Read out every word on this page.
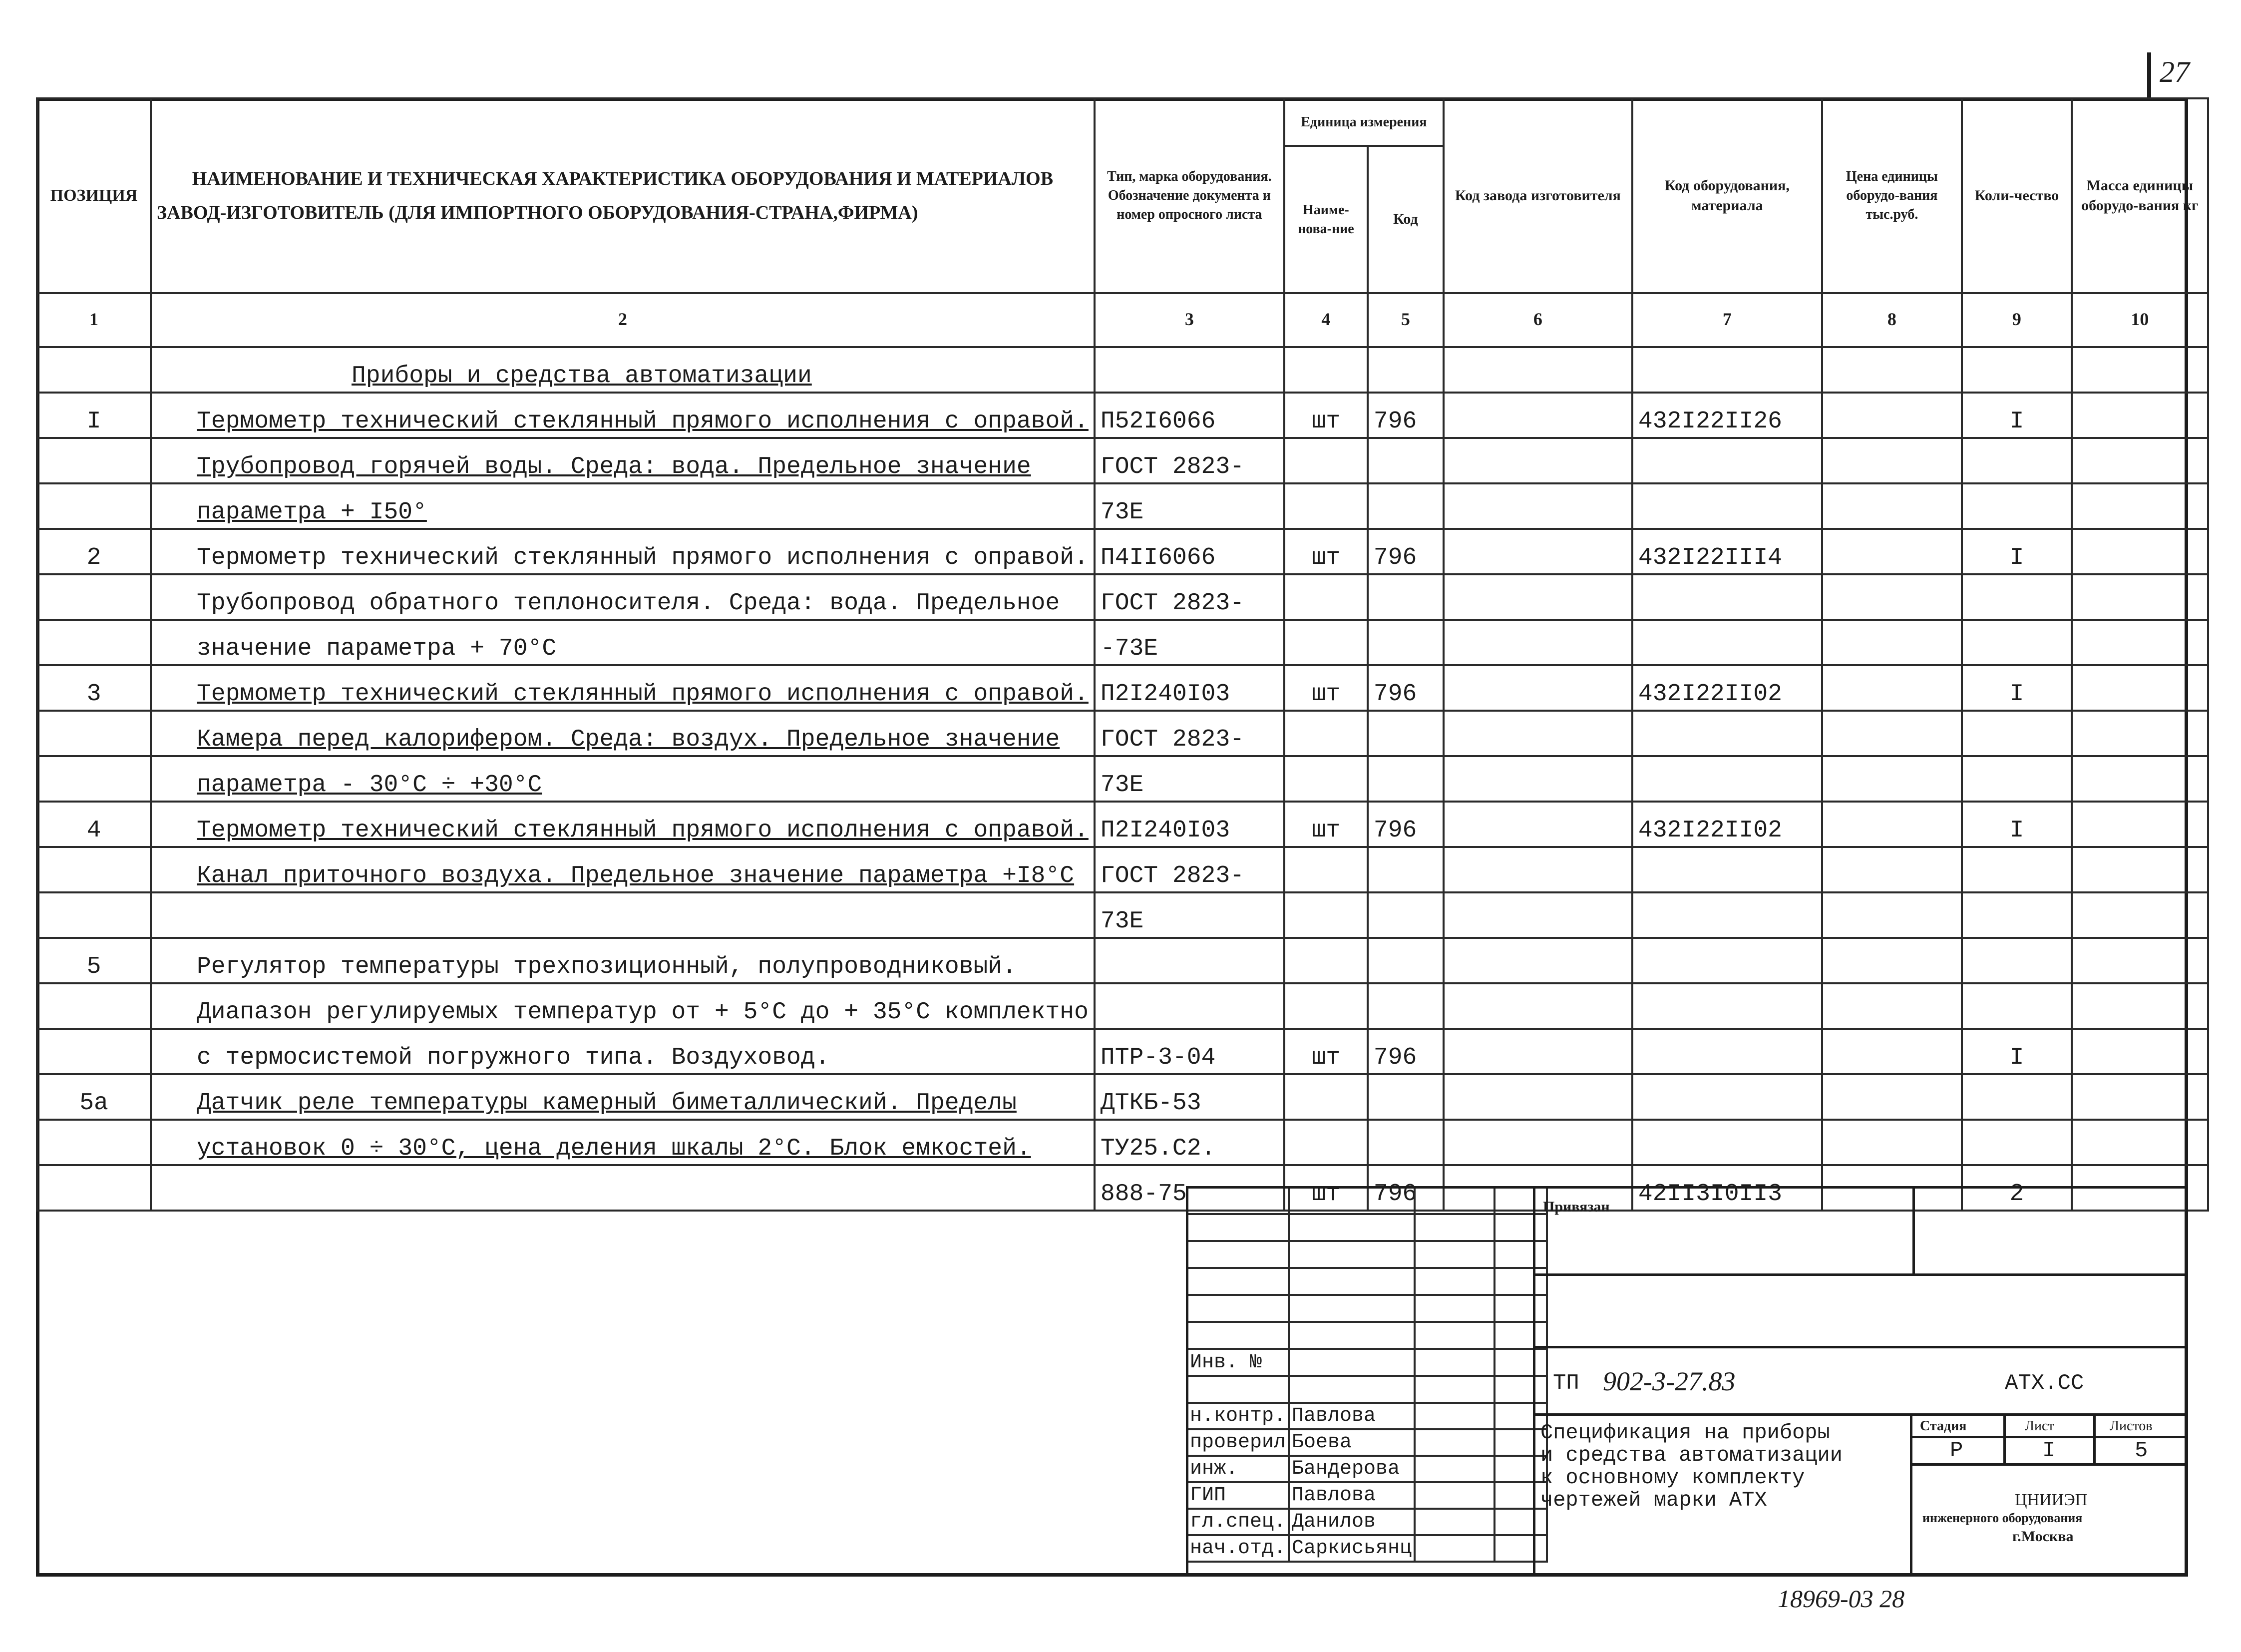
27
ПОЗИЦИЯ	НАИМЕНОВАНИЕ И ТЕХНИЧЕСКАЯ ХАРАКТЕРИСТИКА ОБОРУДОВАНИЯ И МАТЕРИАЛОВ
ЗАВОД-ИЗГОТОВИТЕЛЬ (ДЛЯ ИМПОРТНОГО ОБОРУДОВАНИЯ-СТРАНА,ФИРМА)	Тип, марка оборудования. Обозначение документа и номер опросного листа	Единица измерения		Код завода изготовителя	Код оборудования, материала	Цена единицы оборудо-вания тыс.руб.	Коли-чество	Масса единицы оборудо-вания кг
			Наиме-нова-ние	Код					
1	2	3	4	5	6	7	8	9	10
	Приборы и средства автоматизации								
I	Термометр технический стеклянный прямого исполнения с оправой.	П52I6066	шт	796		432I22II26		I	
	Трубопровод горячей воды. Среда: вода. Предельное значение	ГОСТ 2823-							
	параметра + I50°	73Е							
2	Термометр технический стеклянный прямого исполнения с оправой.	П4II6066	шт	796		432I22III4		I	
	Трубопровод обратного теплоносителя. Среда: вода. Предельное	ГОСТ 2823-							
	значение параметра + 70°С	-73Е							
3	Термометр технический стеклянный прямого исполнения с оправой.	П2I240I03	шт	796		432I22II02		I	
	Камера перед калорифером. Среда: воздух. Предельное значение	ГОСТ 2823-							
	параметра - 30°С ÷ +30°С	73Е							
4	Термометр технический стеклянный прямого исполнения с оправой.	П2I240I03	шт	796		432I22II02		I	
	Канал приточного воздуха. Предельное значение параметра +I8°С	ГОСТ 2823-							
		73Е							
5	Регулятор температуры трехпозиционный, полупроводниковый.								
	Диапазон регулируемых температур от + 5°С до + 35°С комплектно								
	с термосистемой погружного типа. Воздуховод.	ПТР-3-04	шт	796				I	
5а	Датчик реле температуры камерный биметаллический. Пределы	ДТКБ-53							
	установок 0 ÷ 30°С, цена деления шкалы 2°С. Блок емкостей.	ТУ25.С2.							
		888-75	шт	796		42II3I0II3		2	

Инв. №			

н.контр.	Павлова		
проверил	Боева		
инж.	Бандерова		
ГИП	Павлова		
гл.спец.	Данилов		
нач.отд.	Саркисьянц		
Привязан
ТП 902-3-27.83	АТХ.СС
Спецификация на приборы
и средства автоматизации
к основному комплекту
чертежей марки АТХ
Стадия	Лист	Листов
Р	I	5
ЦНИИЭП
инженерного оборудования
г.Москва
18969-03 28
